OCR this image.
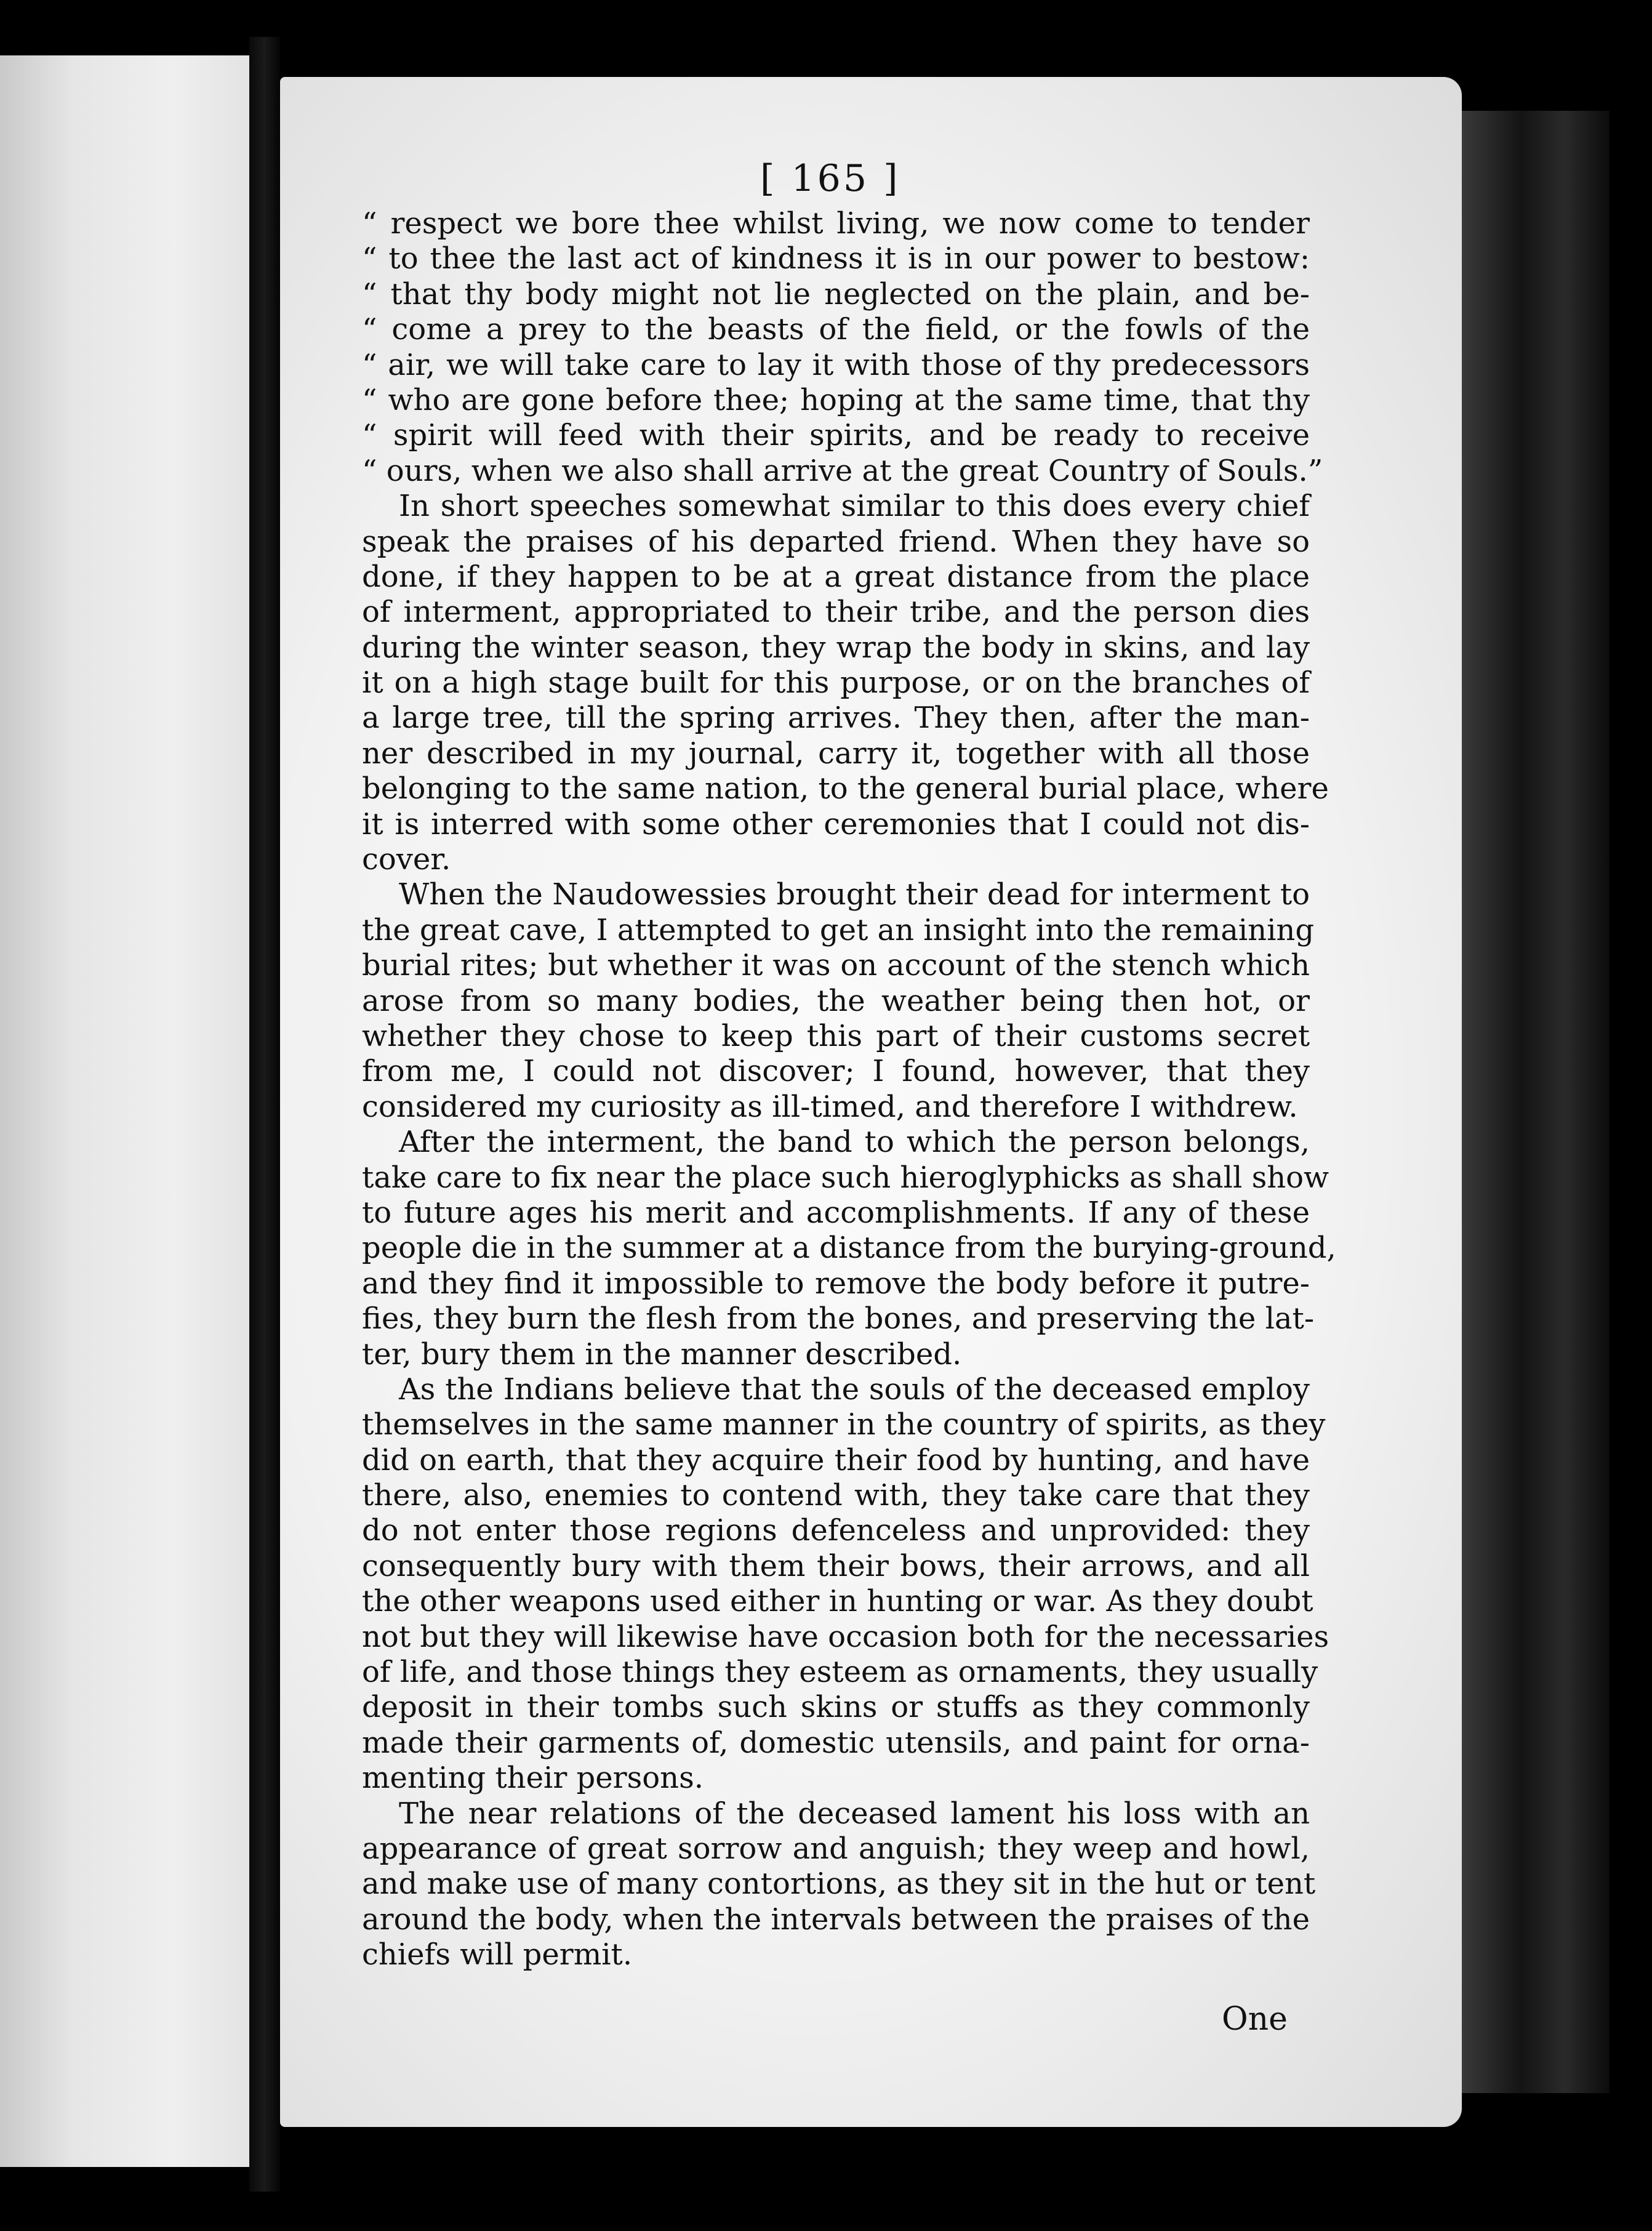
[ 165 ]
“ respect we bore thee whilst living, we now come to tender
“ to thee the last act of kindness it is in our power to bestow:
“ that thy body might not lie neglected on the plain, and be-
“ come a prey to the beasts of the field, or the fowls of the
“ air, we will take care to lay it with those of thy predecessors
“ who are gone before thee; hoping at the same time, that thy
“ spirit will feed with their spirits, and be ready to receive
“ ours, when we also shall arrive at the great Country of Souls.”
In short speeches somewhat similar to this does every chief
speak the praises of his departed friend. When they have so
done, if they happen to be at a great distance from the place
of interment, appropriated to their tribe, and the person dies
during the winter season, they wrap the body in skins, and lay
it on a high stage built for this purpose, or on the branches of
a large tree, till the spring arrives. They then, after the man-
ner described in my journal, carry it, together with all those
belonging to the same nation, to the general burial place, where
it is interred with some other ceremonies that I could not dis-
cover.
When the Naudowessies brought their dead for interment to
the great cave, I attempted to get an insight into the remaining
burial rites; but whether it was on account of the stench which
arose from so many bodies, the weather being then hot, or
whether they chose to keep this part of their customs secret
from me, I could not discover; I found, however, that they
considered my curiosity as ill-timed, and therefore I withdrew.
After the interment, the band to which the person belongs,
take care to fix near the place such hieroglyphicks as shall show
to future ages his merit and accomplishments. If any of these
people die in the summer at a distance from the burying-ground,
and they find it impossible to remove the body before it putre-
fies, they burn the flesh from the bones, and preserving the lat-
ter, bury them in the manner described.
As the Indians believe that the souls of the deceased employ
themselves in the same manner in the country of spirits, as they
did on earth, that they acquire their food by hunting, and have
there, also, enemies to contend with, they take care that they
do not enter those regions defenceless and unprovided: they
consequently bury with them their bows, their arrows, and all
the other weapons used either in hunting or war. As they doubt
not but they will likewise have occasion both for the necessaries
of life, and those things they esteem as ornaments, they usually
deposit in their tombs such skins or stuffs as they commonly
made their garments of, domestic utensils, and paint for orna-
menting their persons.
The near relations of the deceased lament his loss with an
appearance of great sorrow and anguish; they weep and howl,
and make use of many contortions, as they sit in the hut or tent
around the body, when the intervals between the praises of the
chiefs will permit.
One
